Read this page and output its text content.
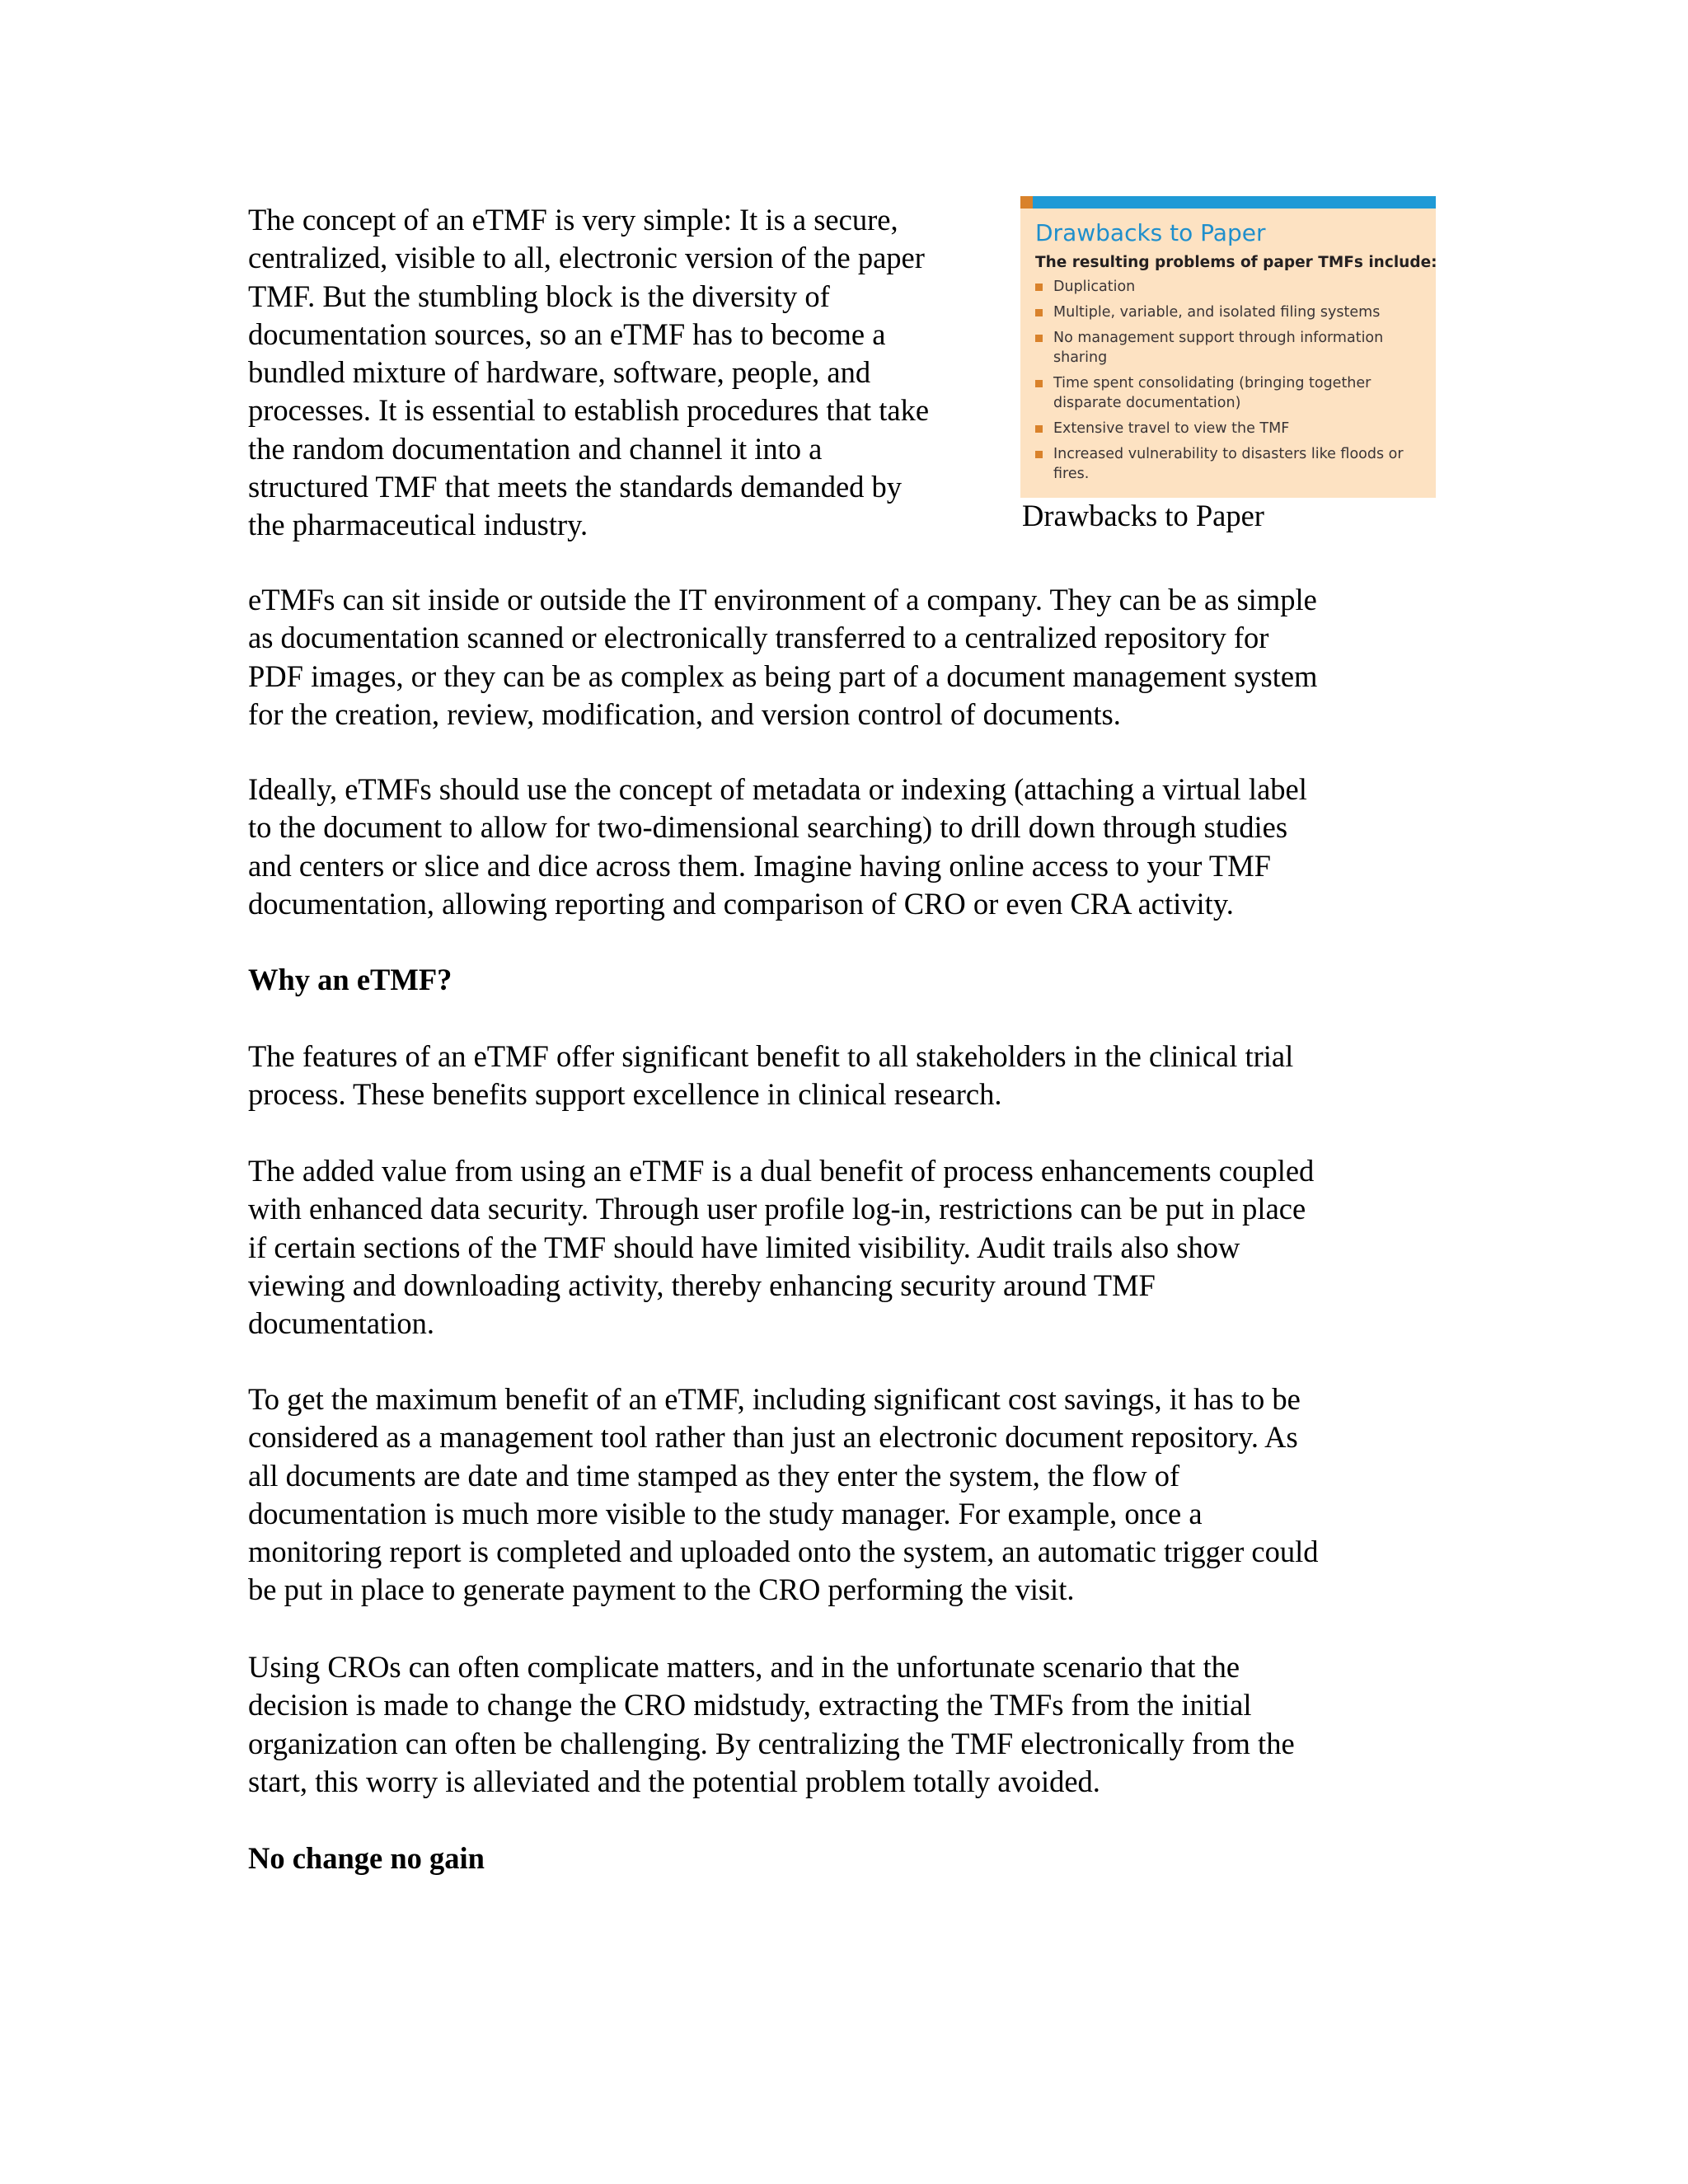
The concept of an eTMF is very simple: It is a secure,
centralized, visible to all, electronic version of the paper
TMF. But the stumbling block is the diversity of
documentation sources, so an eTMF has to become a
bundled mixture of hardware, software, people, and
processes. It is essential to establish procedures that take
the random documentation and channel it into a
structured TMF that meets the standards demanded by
the pharmaceutical industry.

Drawbacks to Paper

The resulting problems of paper TMFs include:

Duplication
Multiple, variable, and isolated filing systems
No management support through information sharing
Time spent consolidating (bringing together disparate documentation)
Extensive travel to view the TMF
Increased vulnerability to disasters like floods or fires.

Drawbacks to Paper

eTMFs can sit inside or outside the IT environment of a company. They can be as simple
as documentation scanned or electronically transferred to a centralized repository for
PDF images, or they can be as complex as being part of a document management system
for the creation, review, modification, and version control of documents.

Ideally, eTMFs should use the concept of metadata or indexing (attaching a virtual label
to the document to allow for two-dimensional searching) to drill down through studies
and centers or slice and dice across them. Imagine having online access to your TMF
documentation, allowing reporting and comparison of CRO or even CRA activity.

Why an eTMF?

The features of an eTMF offer significant benefit to all stakeholders in the clinical trial
process. These benefits support excellence in clinical research.

The added value from using an eTMF is a dual benefit of process enhancements coupled
with enhanced data security. Through user profile log-in, restrictions can be put in place
if certain sections of the TMF should have limited visibility. Audit trails also show
viewing and downloading activity, thereby enhancing security around TMF
documentation.

To get the maximum benefit of an eTMF, including significant cost savings, it has to be
considered as a management tool rather than just an electronic document repository. As
all documents are date and time stamped as they enter the system, the flow of
documentation is much more visible to the study manager. For example, once a
monitoring report is completed and uploaded onto the system, an automatic trigger could
be put in place to generate payment to the CRO performing the visit.

Using CROs can often complicate matters, and in the unfortunate scenario that the
decision is made to change the CRO midstudy, extracting the TMFs from the initial
organization can often be challenging. By centralizing the TMF electronically from the
start, this worry is alleviated and the potential problem totally avoided.

No change no gain
